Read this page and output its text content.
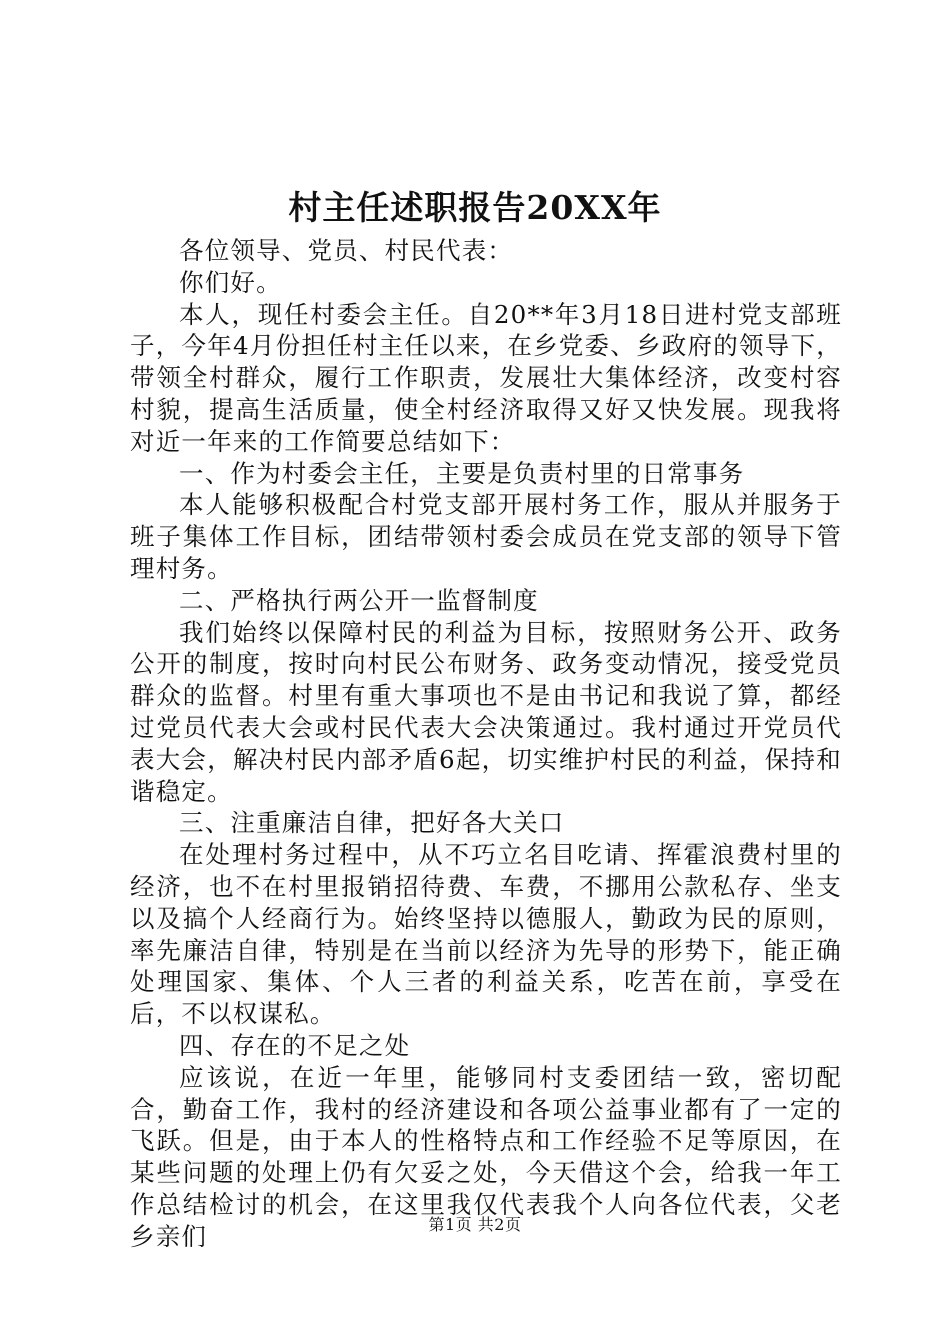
村主任述职报告20XX年

各位领导、党员、村民代表：

你们好。

本人，现任村委会主任。自20**年3月18日进村党支部班子，今年4月份担任村主任以来，在乡党委、乡政府的领导下，带领全村群众，履行工作职责，发展壮大集体经济，改变村容村貌，提高生活质量，使全村经济取得又好又快发展。现我将对近一年来的工作简要总结如下：

一、作为村委会主任，主要是负责村里的日常事务

本人能够积极配合村党支部开展村务工作，服从并服务于班子集体工作目标，团结带领村委会成员在党支部的领导下管理村务。

二、严格执行两公开一监督制度

我们始终以保障村民的利益为目标，按照财务公开、政务公开的制度，按时向村民公布财务、政务变动情况，接受党员群众的监督。村里有重大事项也不是由书记和我说了算，都经过党员代表大会或村民代表大会决策通过。我村通过开党员代表大会，解决村民内部矛盾6起，切实维护村民的利益，保持和谐稳定。

三、注重廉洁自律，把好各大关口

在处理村务过程中，从不巧立名目吃请、挥霍浪费村里的经济，也不在村里报销招待费、车费，不挪用公款私存、坐支以及搞个人经商行为。始终坚持以德服人，勤政为民的原则，率先廉洁自律，特别是在当前以经济为先导的形势下，能正确处理国家、集体、个人三者的利益关系，吃苦在前，享受在后，不以权谋私。

四、存在的不足之处

应该说，在近一年里，能够同村支委团结一致，密切配合，勤奋工作，我村的经济建设和各项公益事业都有了一定的飞跃。但是，由于本人的性格特点和工作经验不足等原因，在某些问题的处理上仍有欠妥之处，今天借这个会，给我一年工作总结检讨的机会，在这里我仅代表我个人向各位代表，父老乡亲们	第1页 共2页
